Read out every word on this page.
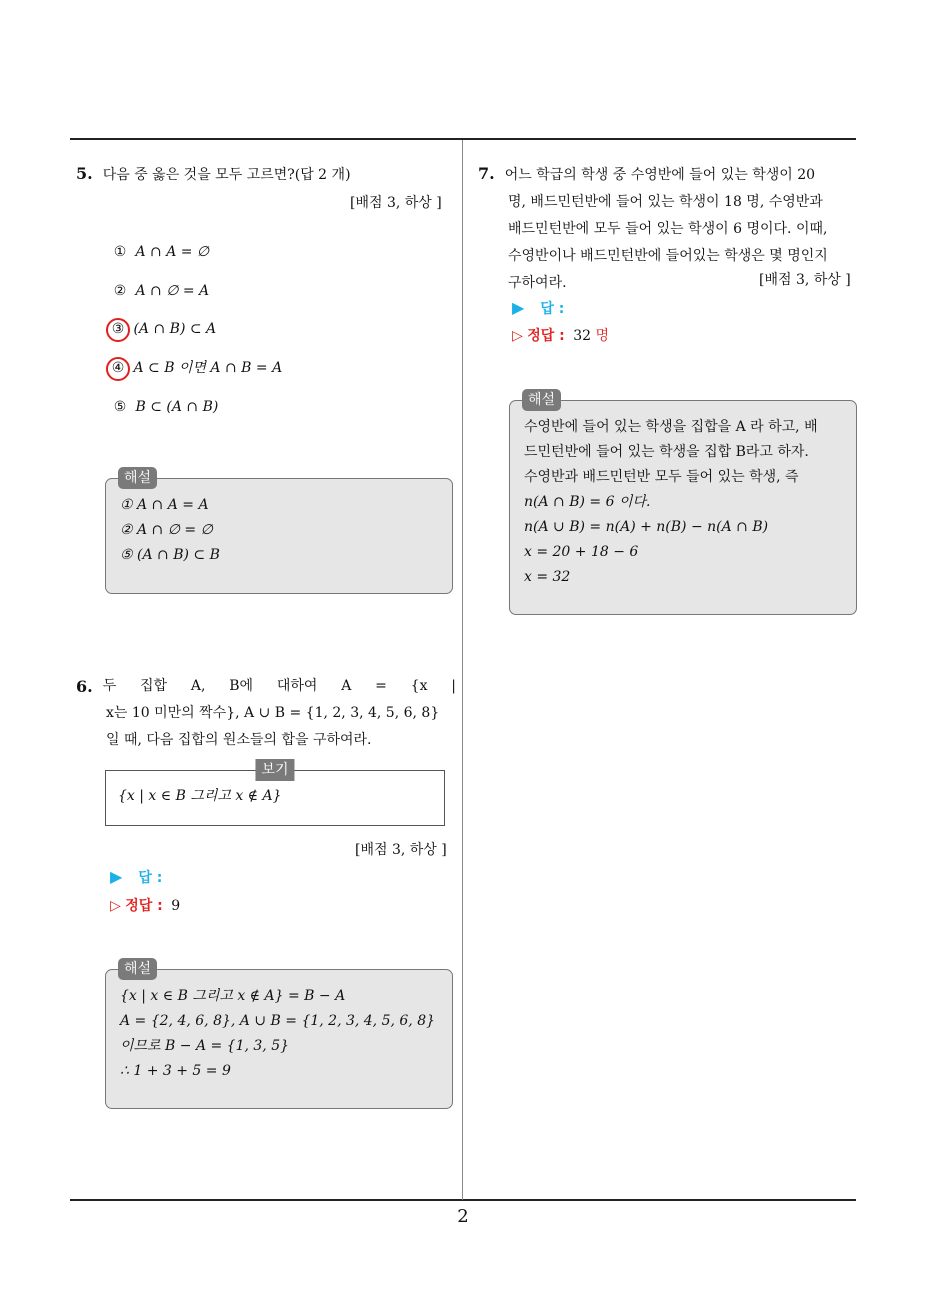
5. 다음 중 옳은 것을 모두 고르면?(답 2 개)
[배점 3, 하상 ]
① A ∩ A = ∅
② A ∩ ∅ = A
③ (A ∩ B) ⊂ A
④ A ⊂ B 이면 A ∩ B = A
⑤ B ⊂ (A ∩ B)
해설
① A ∩ A = A
② A ∩ ∅ = ∅
⑤ (A ∩ B) ⊂ B
6. 두 집합 A, B에 대하여 A = {x |
x는 10 미만의 짝수}, A ∪ B = {1, 2, 3, 4, 5, 6, 8}
일 때, 다음 집합의 원소들의 합을 구하여라.
보기
{x | x ∈ B 그리고 x ∉ A}
[배점 3, 하상 ]
▶ 답 :
▷ 정답 : 9
해설
{x | x ∈ B 그리고 x ∉ A} = B − A
A = {2, 4, 6, 8}, A ∪ B = {1, 2, 3, 4, 5, 6, 8}
이므로 B − A = {1, 3, 5}
∴ 1 + 3 + 5 = 9
7. 어느 학급의 학생 중 수영반에 들어 있는 학생이 20
명, 배드민턴반에 들어 있는 학생이 18 명, 수영반과
배드민턴반에 모두 들어 있는 학생이 6 명이다. 이때,
수영반이나 배드민턴반에 들어있는 학생은 몇 명인지
구하여라.	[배점 3, 하상 ]
▶ 답 :
▷ 정답 : 32 명
해설
수영반에 들어 있는 학생을 집합을 A 라 하고, 배
드민턴반에 들어 있는 학생을 집합 B라고 하자.
수영반과 배드민턴반 모두 들어 있는 학생, 즉
n(A ∩ B) = 6 이다.
n(A ∪ B) = n(A) + n(B) − n(A ∩ B)
x = 20 + 18 − 6
x = 32
2
